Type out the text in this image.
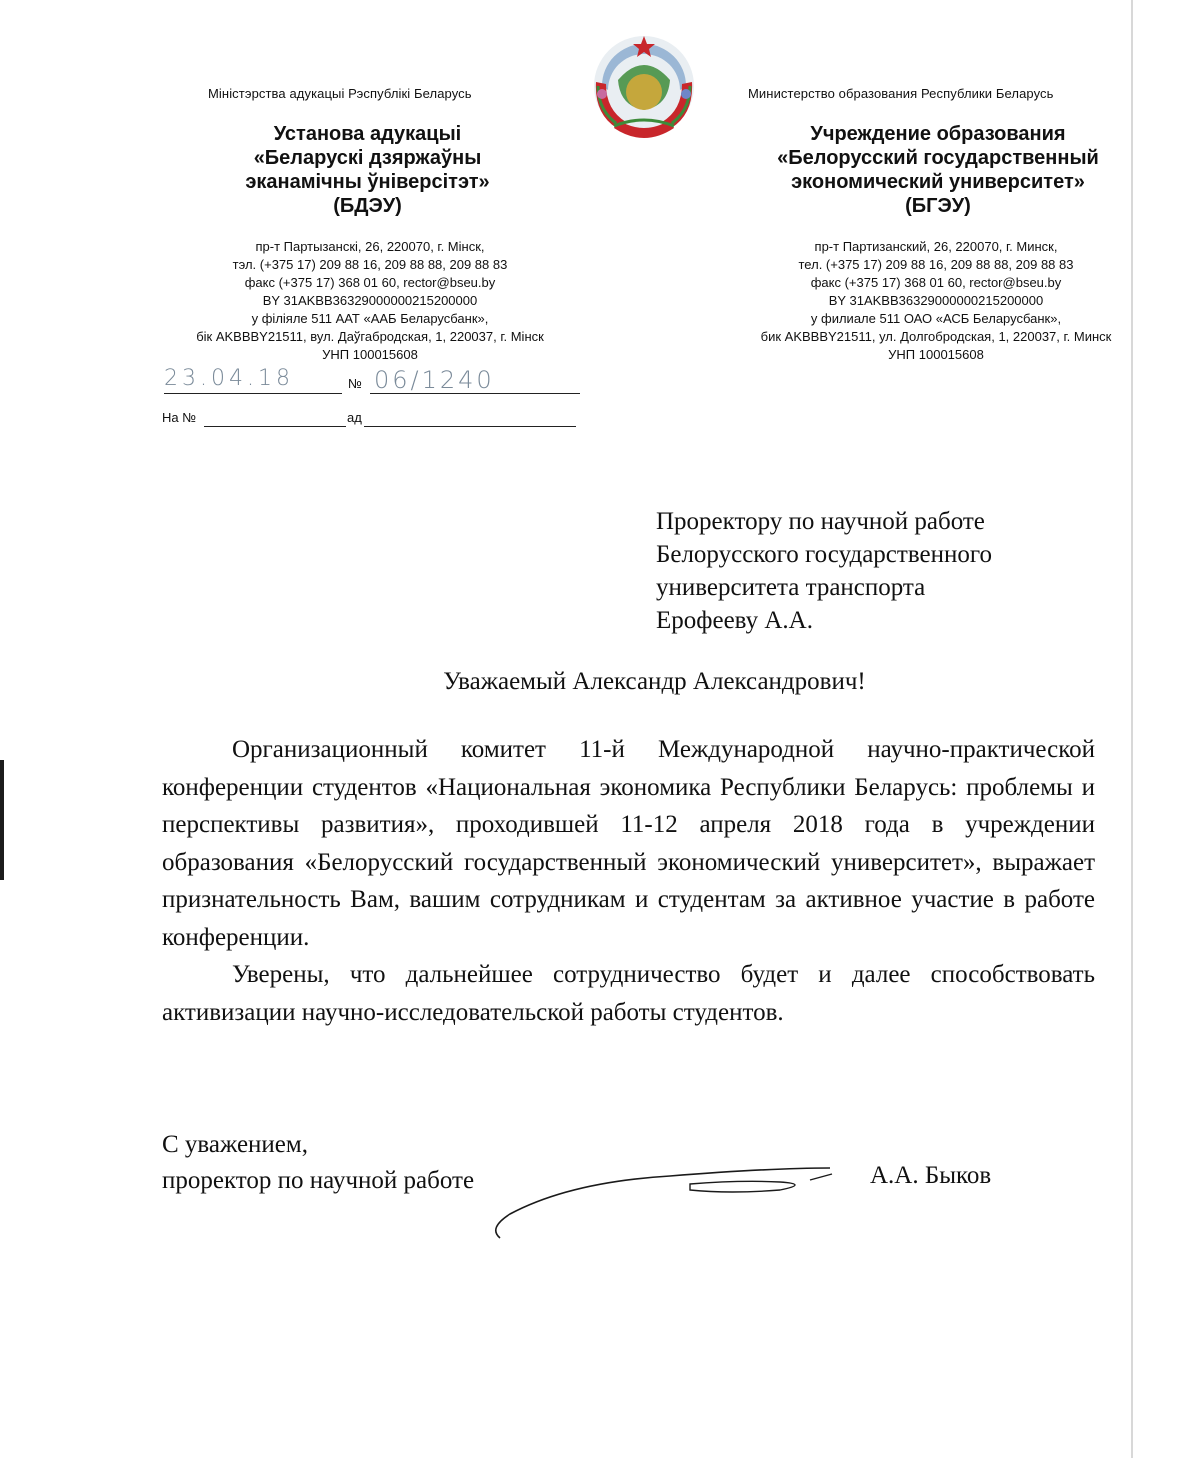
Міністэрства адукацыі Рэспублікі Беларусь
Установа адукацыі
«Беларускі дзяржаўны
эканамічны ўніверсітэт»
(БДЭУ)
пр-т Партызанскі, 26, 220070, г. Мінск,
тэл. (+375 17) 209 88 16, 209 88 88, 209 88 83
факс (+375 17) 368 01 60, rector@bseu.by
BY 31AKBB36329000000215200000
у філіяле 511 ААТ «ААБ Беларусбанк»,
бік AKBBBY21511, вул. Даўгабродская, 1, 220037, г. Мінск
УНП 100015608
Министерство образования Республики Беларусь
Учреждение образования
«Белорусский государственный
экономический университет»
(БГЭУ)
пр-т Партизанский, 26, 220070, г. Минск,
тел. (+375 17) 209 88 16, 209 88 88, 209 88 83
факс (+375 17) 368 01 60, rector@bseu.by
BY 31AKBB36329000000215200000
у филиале 511 ОАО «АСБ Беларусбанк»,
бик AKBBBY21511, ул. Долгобродская, 1, 220037, г. Минск
УНП 100015608
23.04.18	№ 06/1240
На №	ад
Проректору по научной работе
Белорусского государственного
университета транспорта
Ерофееву А.А.
Уважаемый Александр Александрович!

Организационный комитет 11-й Международной научно-практической конференции студентов «Национальная экономика Республики Беларусь: проблемы и перспективы развития», проходившей 11-12 апреля 2018 года в учреждении образования «Белорусский государственный экономический университет», выражает признательность Вам, вашим сотрудникам и студентам за активное участие в работе конференции.

Уверены, что дальнейшее сотрудничество будет и далее способствовать активизации научно-исследовательской работы студентов.

С уважением,
проректор по научной работе	А.А. Быков
